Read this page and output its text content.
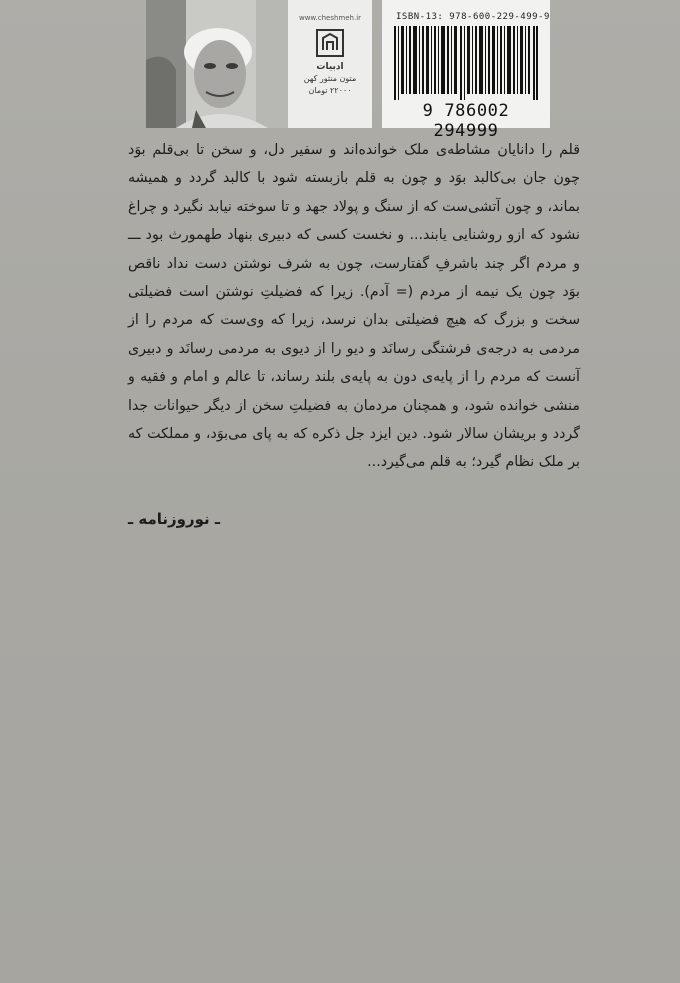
www.cheshmeh.ir
ادبیات
متون منثور کهن
۲۲۰۰۰ تومان
ISBN-13: 978-600-229-499-9
9 786002 294999

قلم را دانایان مشاطه‌ی ملک خوانده‌اند و سفیر دل، و سخن تا بی‌قلم بوَد چون جان بی‌کالبد بوَد و چون به قلم بازبسته شود با کالبد گردد و همیشه بماند، و چون آتشی‌ست که از سنگ و پولاد جهد و تا سوخته نیابد نگیرد و چراغ نشود که ازو روشنایی یابند... و نخست کسی که دبیری بنهاد طهمورث بود ـــ و مردم اگر چند باشرفِ گفتارست، چون به شرف نوشتن دست نداد ناقص بوَد چون یک نیمه از مردم (= آدم). زیرا که فضیلتِ نوشتن است فضیلتی سخت و بزرگ که هیچ فضیلتی بدان نرسد، زیرا که وی‌ست که مردم را از مردمی به درجه‌ی فرشتگی رسانَد و دیو را از دیوی به مردمی رسانَد و دبیری آنست که مردم را از پایه‌ی دون به پایه‌ی بلند رساند، تا عالم و امام و فقیه و منشی خوانده شود، و همچنان مردمان به فضیلتِ سخن از دیگر حیوانات جدا گردد و بریشان سالار شود. دین ایزد جل ذکره که به پای می‌بوَد، و مملکت که بر ملک نظام گیرد؛ به قلم می‌گیرد...

ـ نوروزنامه ـ
